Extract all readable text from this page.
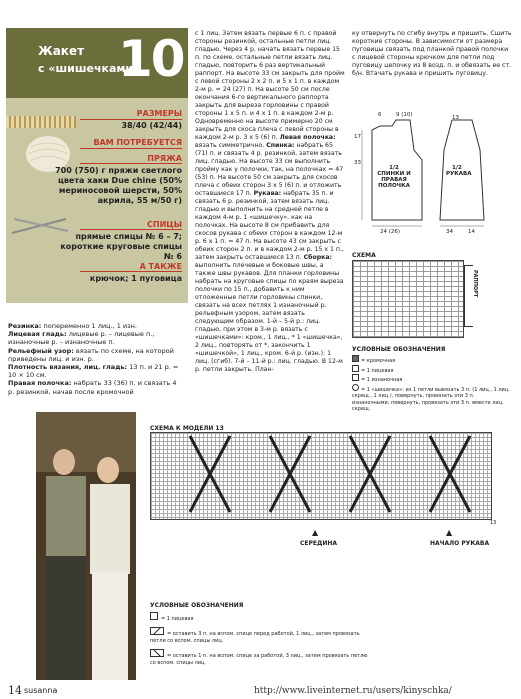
Жакет
с «шишечками»
10
РАЗМЕРЫ
38/40 (42/44)
ВАМ ПОТРЕБУЕТСЯ
ПРЯЖА
700 (750) г пряжи светлого цвета хаки Due chine (50% мериносовой шерсти, 50% акрила, 55 м/50 г)
СПИЦЫ
прямые спицы № 6 – 7; короткие круговые спицы № 6
А ТАКЖЕ
крючок; 1 пуговица
Резинка: попеременно 1 лиц., 1 изн.
Лицевая гладь: лицевые р. – лицевые п., изнаночные р. – изнаночные п.
Рельефный узор: вязать по схеме, на которой приведены лиц. и изн. р.
Плотность вязания, лиц. гладь: 13 п. и 21 р. = 10 × 10 см.
Правая полочка: набрать 33 (36) п. и связать 4 р. резинкой, начав после кромочной
с 1 лиц. Затем вязать первые 6 п. с правой стороны резинкой, остальные петли лиц. гладью. Через 4 р. начать вязать первые 15 п. по схеме, остальные петли вязать лиц. гладью, повторить 6 раз вертикальный раппорт. На высоте 33 см закрыть для пройм с левой стороны 2 х 2 п. и 5 х 1 п. в каждом 2-м р. = 24 (27) п. На высоте 50 см после окончания 6-го вертикального раппорта закрыть для выреза горловины с правой стороны 1 х 5 п. и 4 х 1 п. в каждом 2-м р. Одновременно на высоте примерно 20 см закрыть для скоса плеча с левой стороны в каждом 2-м р. 3 х 5 (6) п. Левая полочка: вязать симметрично. Спинка: набрать 65 (71) п. и связать 4 р. резинкой, затем вязать лиц. гладью. На высоте 33 см выполнить пройму как у полочки, так, на полочках = 47 (53) п. На высоте 50 см закрыть для скосов плеча с обеих сторон 3 х 5 (6) п. и отложить оставшиеся 17 п. Рукава: набрать 35 п. и связать 6 р. резинкой, затем вязать лиц. гладью и выполнить на средней петле в каждом 4-м р. 1 «шишечку», как на полочках. На высоте 8 см прибавить для скосов рукава с обеих сторон в каждом 12-м р. 6 х 1 п. = 47 п. На высоте 43 см закрыть с обеих сторон 2 п. и в каждом 2-м р. 15 х 1 п., затем закрыть оставшиеся 13 п. Сборка: выполнить плечевые и боковые швы, а также швы рукавов. Для планки горловины набрать на круговые спицы по краям выреза полочки по 15 п., добавить к ним отложенные петли горловины спинки, связать на всех петлях 1 изнаночный р. рельефным узором, затем вязать следующим образом. 1-й – 5-й р.: лиц. гладью, при этом в 3-м р. вязать с «шишечками»: кром., 1 лиц., * 1 «шишечка», 2 лиц., повторять от *, закончить 1 «шишечкой», 1 лиц., кром. 6-й р. (изн.): 1 лиц. (сгиб). 7-й – 11-й р.: лиц. гладью. В 12-м р. петли закрыть. План-
ку отвернуть по сгибу внутрь и пришить. Сшить короткие стороны. В зависимости от размера пуговицы связать под планкой правой полочки с лицевой стороны крючком для петли под пуговицу цепочку из 8 возд. п. и обвязать ее ст. б/н. Втачать рукава и пришить пуговицу.
1/2 СПИНКИ И ПРАВАЯ ПОЛОЧКА
1/2 РУКАВА
6	9 (10)
33
17
24 (26)
13
34	14
СХЕМА
РАППОРТ
УСЛОВНЫЕ ОБОЗНАЧЕНИЯ
= кромочная
= 1 лицевая
= 1 изнаночная
= 1 «шишечка»: из 1 петли вывязать 3 п. (1 лиц., 1 лиц. скрещ., 1 лиц.), повернуть, провязать эти 3 п. изнаночными, повернуть, провязать эти 3 п. вместе лиц. скрещ.
СХЕМА К МОДЕЛИ 13
13
СЕРЕДИНА	НАЧАЛО РУКАВА
▲	▲
УСЛОВНЫЕ ОБОЗНАЧЕНИЯ
= 1 лицевая
= оставить 3 п. на вспом. спице перед работой, 1 лиц., затем провязать петли со вспом. спицы лиц.
= оставить 1 п. на вспом. спице за работой, 3 лиц., затем провязать петлю со вспом. спицы лиц.
14 susanna	http://www.liveinternet.ru/users/kinyschka/
